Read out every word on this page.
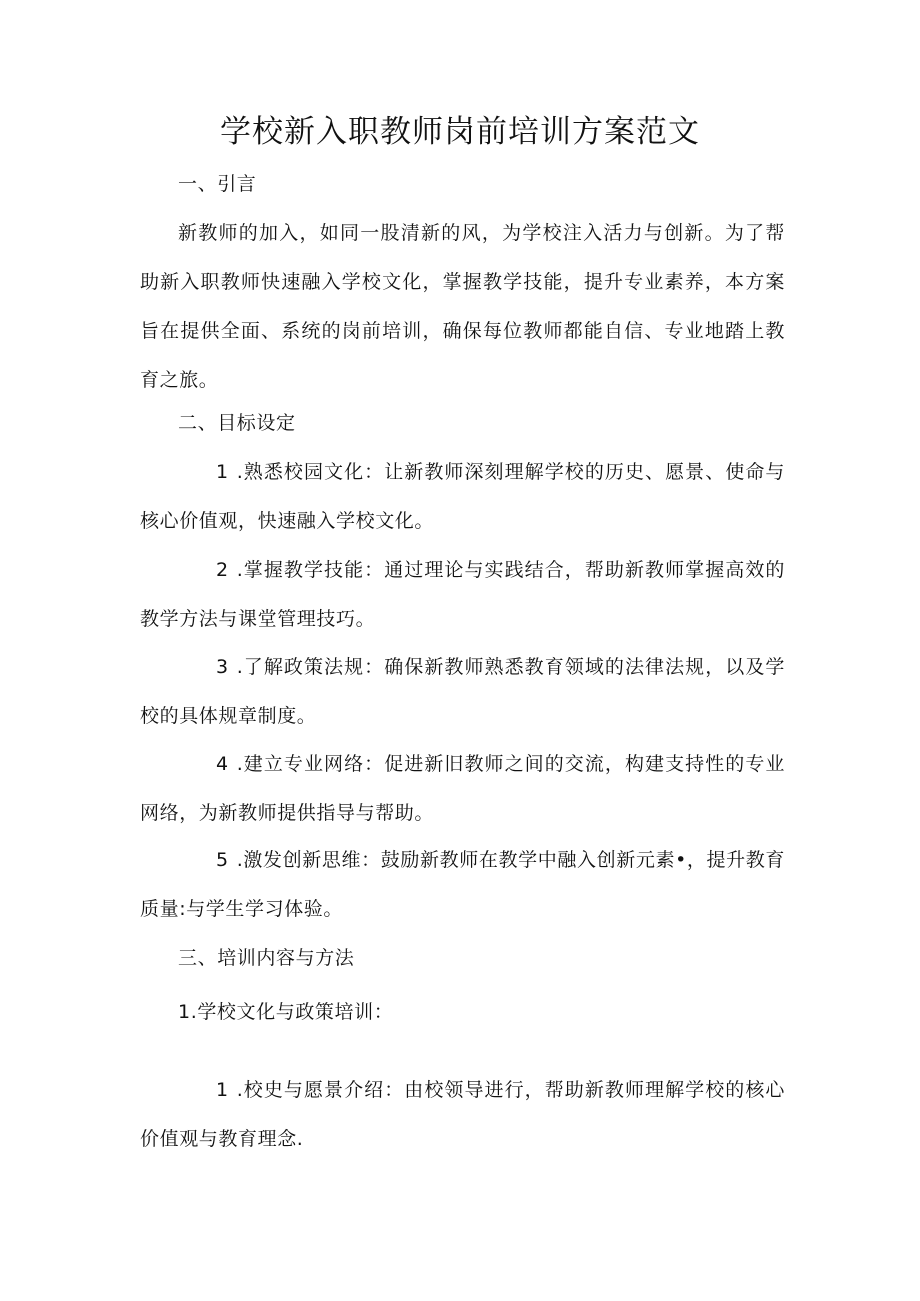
学校新入职教师岗前培训方案范文

一、引言

新教师的加入，如同一股清新的风，为学校注入活力与创新。为了帮助新入职教师快速融入学校文化，掌握教学技能，提升专业素养，本方案旨在提供全面、系统的岗前培训，确保每位教师都能自信、专业地踏上教育之旅。

二、目标设定

1 .熟悉校园文化：让新教师深刻理解学校的历史、愿景、使命与核心价值观，快速融入学校文化。

2 .掌握教学技能：通过理论与实践结合，帮助新教师掌握高效的教学方法与课堂管理技巧。

3 .了解政策法规：确保新教师熟悉教育领域的法律法规，以及学校的具体规章制度。

4 .建立专业网络：促进新旧教师之间的交流，构建支持性的专业网络，为新教师提供指导与帮助。

5 .激发创新思维：鼓励新教师在教学中融入创新元素•，提升教育质量:与学生学习体验。

三、培训内容与方法

1.学校文化与政策培训：

1 .校史与愿景介绍：由校领导进行，帮助新教师理解学校的核心价值观与教育理念.
